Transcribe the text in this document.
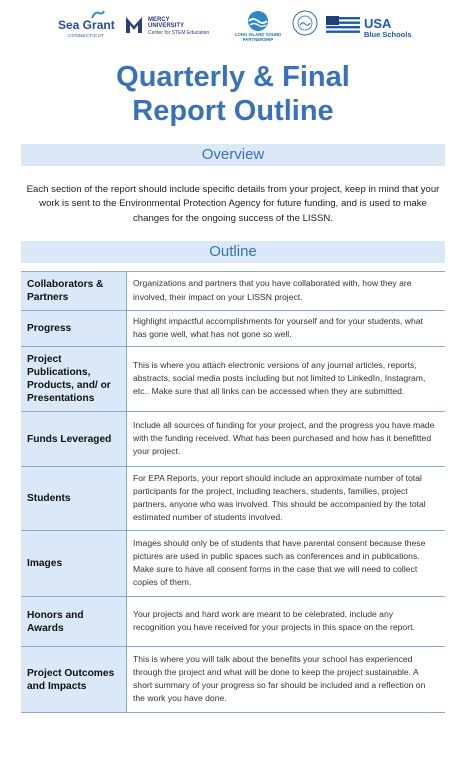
Sea Grant
CONNECTICUT
MERCY
UNIVERSITY
Center for STEM Education	LONG ISLAND SOUND
PARTNERSHIP
USA
Blue Schools
Quarterly & Final
Report Outline
Overview

Each section of the report should include specific details from your project, keep in mind that your work is sent to the Environmental Protection Agency for future funding, and is used to make changes for the ongoing success of the LISSN.

Outline
Collaborators & Partners
Organizations and partners that you have collaborated with, how they are involved, their impact on your LISSN project.
Progress
Highlight impactful accomplishments for yourself and for your students, what has gone well, what has not gone so well.
Project Publications, Products, and/ or Presentations
This is where you attach electronic versions of any journal articles, reports, abstracts, social media posts including but not limited to LinkedIn, Instagram, etc.. Make sure that all links can be accessed when they are submitted.
Funds Leveraged
Include all sources of funding for your project, and the progress you have made with the funding received. What has been purchased and how has it benefitted your project.
Students
For EPA Reports, your report should include an approximate number of total participants for the project, including teachers, students, families, project partners, anyone who was involved. This should be accompanied by the total estimated number of students involved.
Images
Images should only be of students that have parental consent because these pictures are used in public spaces such as conferences and in publications. Make sure to have all consent forms in the case that we will need to collect copies of them.
Honors and Awards
Your projects and hard work are meant to be celebrated, include any recognition you have received for your projects in this space on the report.
Project Outcomes and Impacts
This is where you will talk about the benefits your school has experienced through the project and what will be done to keep the project sustainable. A short summary of your progress so far should be included and a reflection on the work you have done.
